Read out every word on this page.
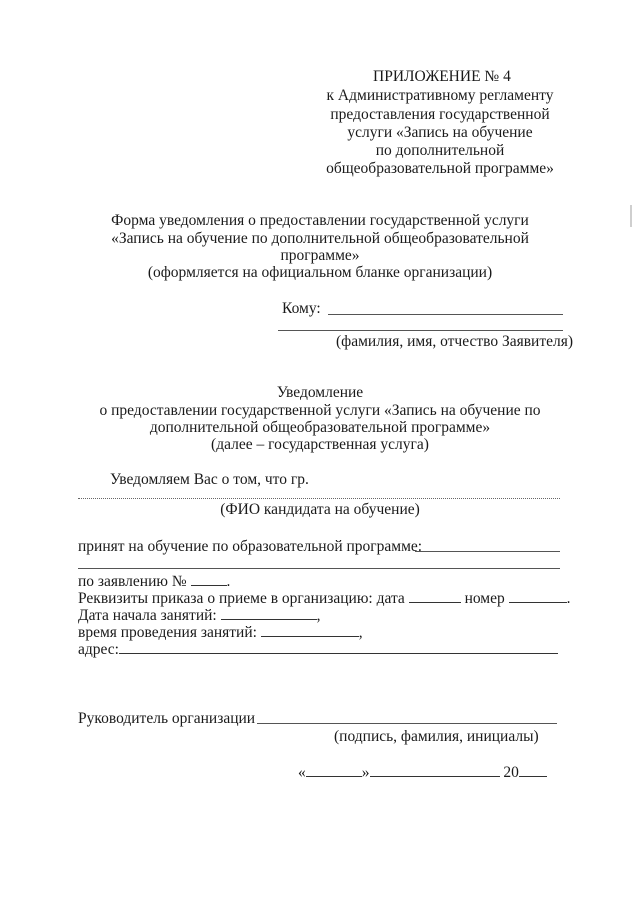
ПРИЛОЖЕНИЕ № 4
к Административному регламенту
предоставления государственной
услуги «Запись на обучение
по дополнительной
общеобразовательной программе»
Форма уведомления о предоставлении государственной услуги
«Запись на обучение по дополнительной общеобразовательной
программе»
(оформляется на официальном бланке организации)
Кому:
(фамилия, имя, отчество Заявителя)
Уведомление
о предоставлении государственной услуги «Запись на обучение по
дополнительной общеобразовательной программе»
(далее – государственная услуга)
Уведомляем Вас о том, что гр.
(ФИО кандидата на обучение)
принят на обучение по образовательной программе:
по заявлению №	.
Реквизиты приказа о приеме в организацию: дата	номер	.
Дата начала занятий:	,
время проведения занятий:	,
адрес:
Руководитель организации
(подпись, фамилия, инициалы)
«	»	20
